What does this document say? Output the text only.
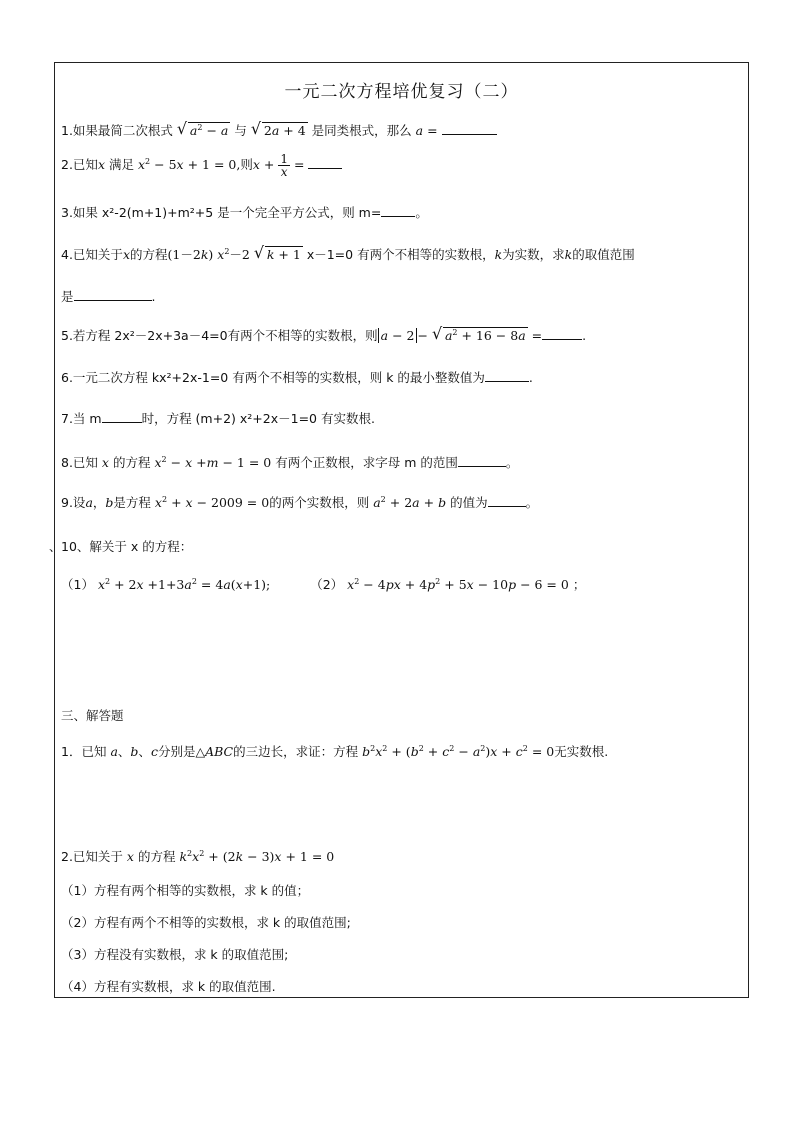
一元二次方程培优复习（二）
1.如果最简二次根式 √ $a^2 - a$ 与 √ 2a + 4 是同类根式，那么 a =
2.已知x 满足 $x^2 - 5x + 1 = 0$,则$x + \frac{1}{x}$ =
3.如果 x²-2(m+1)+m²+5 是一个完全平方公式，则 m=	。
4.已知关于x的方程(1－2k) $x^2-2$ √ k + 1 x－1=0 有两个不相等的实数根，k为实数，求k的取值范围
是	.
5.若方程 2x²－2x+3a－4=0有两个不相等的实数根，则 a − 2 − √ $a^2 + 16 - 8a$ =	.
6.一元二次方程 kx²+2x-1=0 有两个不相等的实数根，则 k 的最小整数值为	.
7.当 m	时，方程 (m+2) x²+2x－1=0 有实数根.
8.已知 x 的方程 $x^2 - x +m - 1 = 0$ 有两个正数根，求字母 m 的范围	。
9.设a，b是方程 $x^2 + x - 2009 = 0$的两个实数根，则 $a^2 + 2a + b$ 的值为	。
10、解关于 x 的方程：
（1） $x^2 + 2x +1+3a^2 = 4a(x+1)$;	（2） $x^2 - 4px + 4p^2 + 5x - 10p - 6 = 0$ ；
三、解答题
1．已知 a、b、c分别是△ABC的三边长，求证：方程 $b^2x^2 + (b^2 + c^2 - a^2)x + c^2 = 0$无实数根.
2.已知关于 x 的方程 $k^2x^2 + (2k - 3)x + 1 = 0$
（1）方程有两个相等的实数根，求 k 的值；
（2）方程有两个不相等的实数根，求 k 的取值范围;
（3）方程没有实数根，求 k 的取值范围;
（4）方程有实数根，求 k 的取值范围.
、
